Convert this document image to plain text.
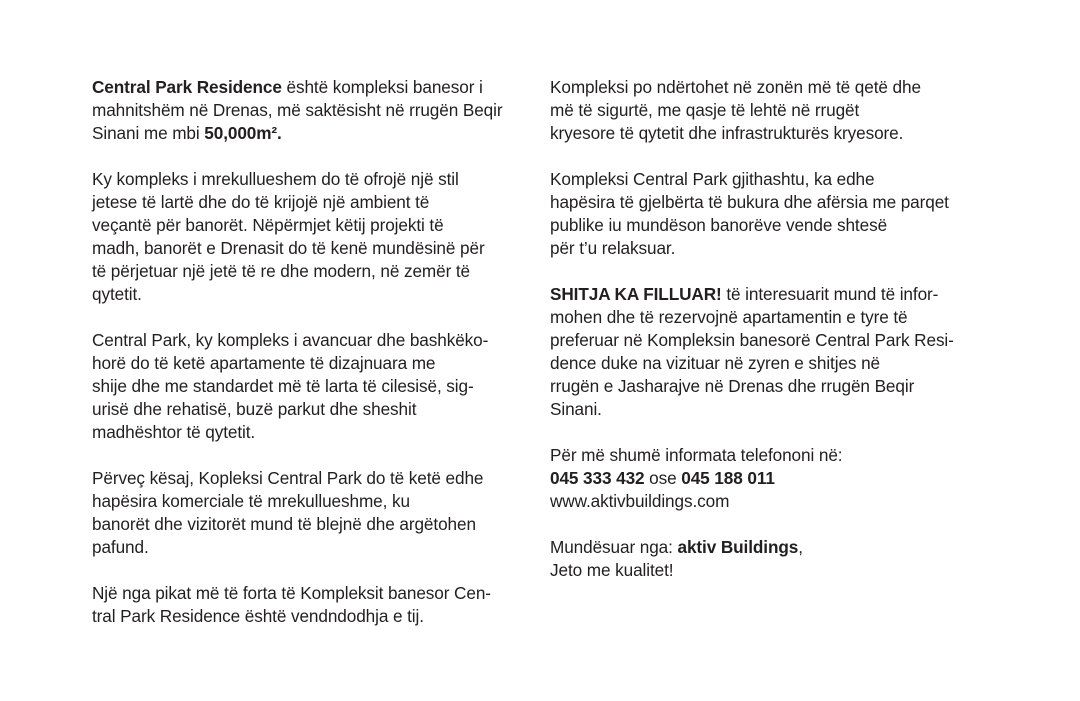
Central Park Residence është kompleksi banesor i
mahnitshëm në Drenas, më saktësisht në rrugën Beqir
Sinani me mbi 50,000m².

Ky kompleks i mrekullueshem do të ofrojë një stil
jetese të lartë dhe do të krijojë një ambient të
veçantë për banorët. Nëpërmjet këtij projekti të
madh, banorët e Drenasit do të kenë mundësinë për
të përjetuar një jetë të re dhe modern, në zemër të
qytetit.

Central Park, ky kompleks i avancuar dhe bashkëko-
horë do të ketë apartamente të dizajnuara me
shije dhe me standardet më të larta të cilesisë, sig-
urisë dhe rehatisë, buzë parkut dhe sheshit
madhështor të qytetit.

Përveç kësaj, Kopleksi Central Park do të ketë edhe
hapësira komerciale të mrekullueshme, ku
banorët dhe vizitorët mund të blejnë dhe argëtohen
pafund.

Një nga pikat më të forta të Kompleksit banesor Cen-
tral Park Residence është vendndodhja e tij.

Kompleksi po ndërtohet në zonën më të qetë dhe
më të sigurtë, me qasje të lehtë në rrugët
kryesore të qytetit dhe infrastrukturës kryesore.

Kompleksi Central Park gjithashtu, ka edhe
hapësira të gjelbërta të bukura dhe afërsia me parqet
publike iu mundëson banorëve vende shtesë
për t’u relaksuar.

SHITJA KA FILLUAR! të interesuarit mund të infor-
mohen dhe të rezervojnë apartamentin e tyre të
preferuar në Kompleksin banesorë Central Park Resi-
dence duke na vizituar në zyren e shitjes në
rrugën e Jasharajve në Drenas dhe rrugën Beqir
Sinani.

Për më shumë informata telefononi në:
045 333 432 ose 045 188 011
www.aktivbuildings.com

Mundësuar nga: aktiv Buildings,
Jeto me kualitet!
